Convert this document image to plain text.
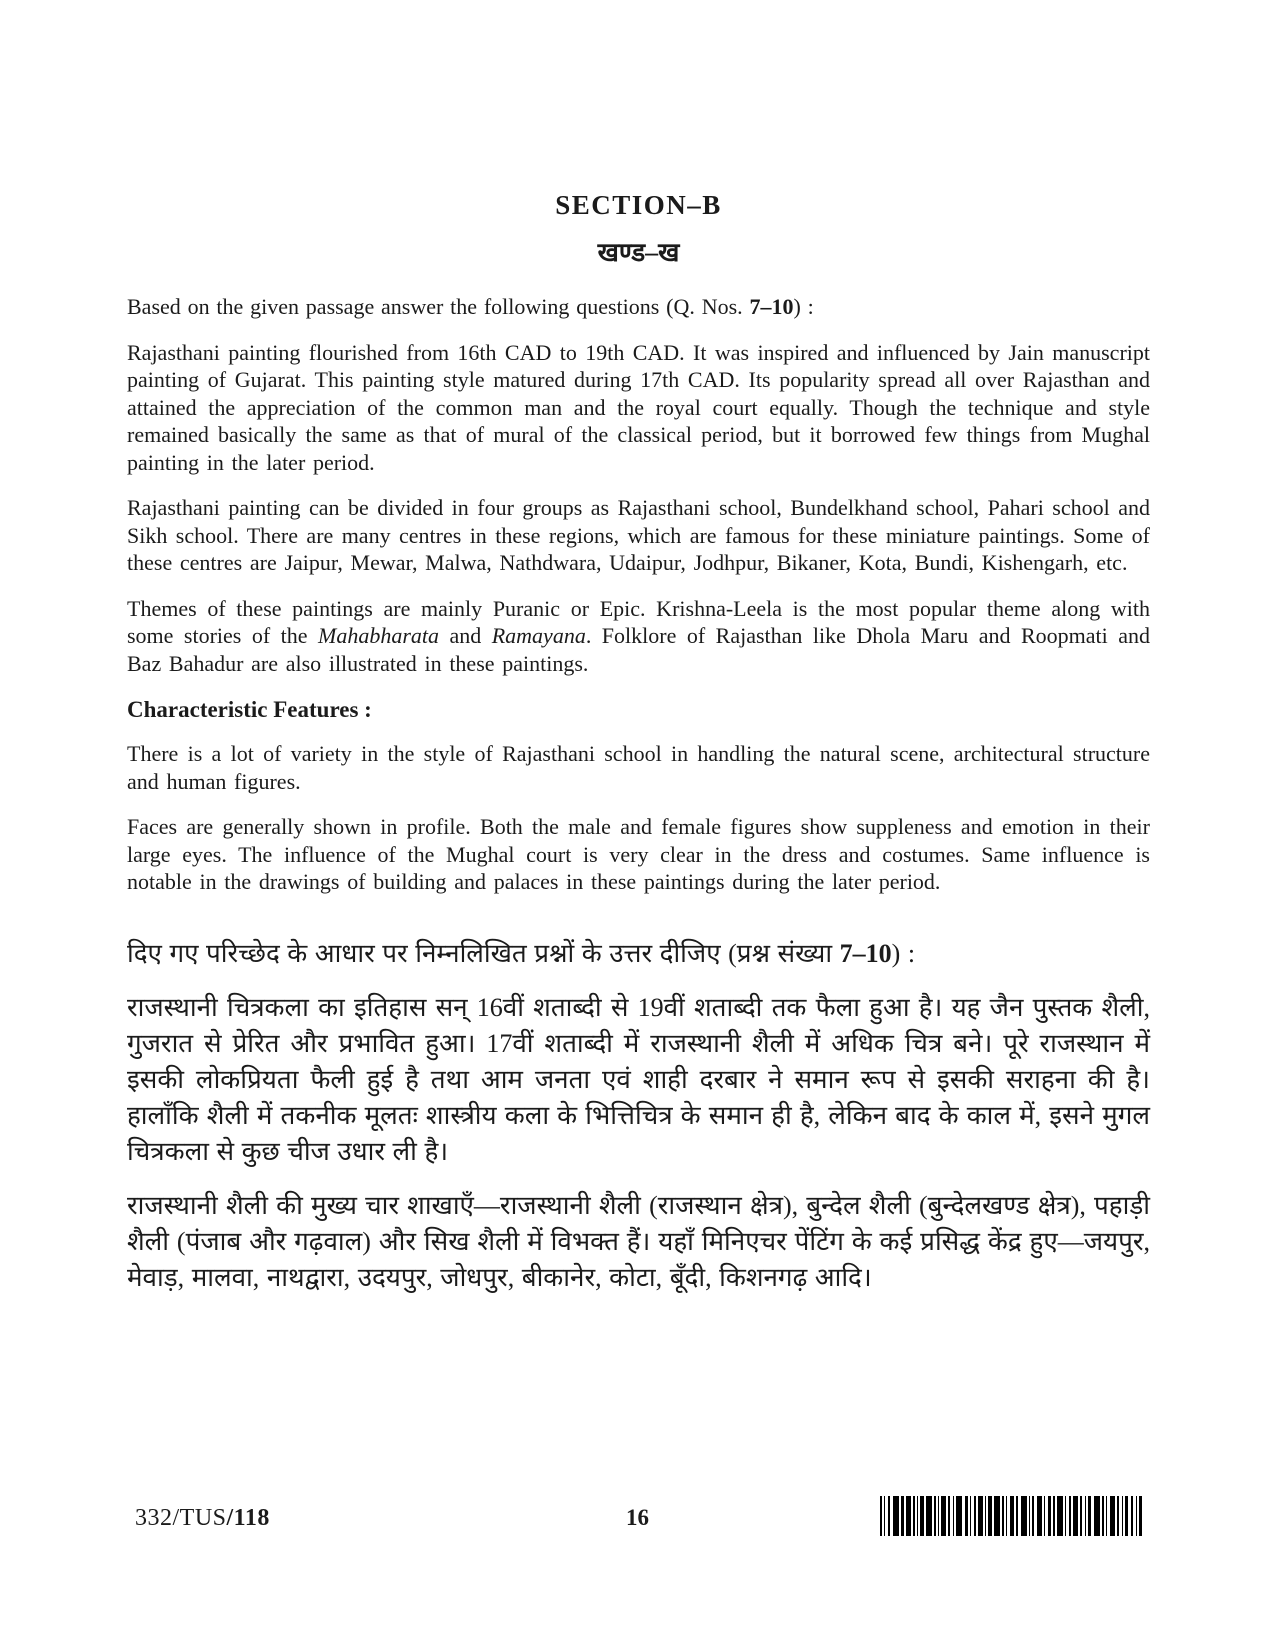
SECTION–B
खण्ड–ख

Based on the given passage answer the following questions (Q. Nos. 7–10) :

Rajasthani painting flourished from 16th CAD to 19th CAD. It was inspired and influenced by Jain manuscript painting of Gujarat. This painting style matured during 17th CAD. Its popularity spread all over Rajasthan and attained the appreciation of the common man and the royal court equally. Though the technique and style remained basically the same as that of mural of the classical period, but it borrowed few things from Mughal painting in the later period.

Rajasthani painting can be divided in four groups as Rajasthani school, Bundelkhand school, Pahari school and Sikh school. There are many centres in these regions, which are famous for these miniature paintings. Some of these centres are Jaipur, Mewar, Malwa, Nathdwara, Udaipur, Jodhpur, Bikaner, Kota, Bundi, Kishengarh, etc.

Themes of these paintings are mainly Puranic or Epic. Krishna-Leela is the most popular theme along with some stories of the Mahabharata and Ramayana. Folklore of Rajasthan like Dhola Maru and Roopmati and Baz Bahadur are also illustrated in these paintings.

Characteristic Features :

There is a lot of variety in the style of Rajasthani school in handling the natural scene, architectural structure and human figures.

Faces are generally shown in profile. Both the male and female figures show suppleness and emotion in their large eyes. The influence of the Mughal court is very clear in the dress and costumes. Same influence is notable in the drawings of building and palaces in these paintings during the later period.

दिए गए परिच्छेद के आधार पर निम्नलिखित प्रश्नों के उत्तर दीजिए (प्रश्न संख्या 7–10) :

राजस्थानी चित्रकला का इतिहास सन् 16वीं शताब्दी से 19वीं शताब्दी तक फैला हुआ है। यह जैन पुस्तक शैली, गुजरात से प्रेरित और प्रभावित हुआ। 17वीं शताब्दी में राजस्थानी शैली में अधिक चित्र बने। पूरे राजस्थान में इसकी लोकप्रियता फैली हुई है तथा आम जनता एवं शाही दरबार ने समान रूप से इसकी सराहना की है। हालाँकि शैली में तकनीक मूलतः शास्त्रीय कला के भित्तिचित्र के समान ही है, लेकिन बाद के काल में, इसने मुगल चित्रकला से कुछ चीज उधार ली है।

राजस्थानी शैली की मुख्य चार शाखाएँ—राजस्थानी शैली (राजस्थान क्षेत्र), बुन्देल शैली (बुन्देलखण्ड क्षेत्र), पहाड़ी शैली (पंजाब और गढ़वाल) और सिख शैली में विभक्त हैं। यहाँ मिनिएचर पेंटिंग के कई प्रसिद्ध केंद्र हुए—जयपुर, मेवाड़, मालवा, नाथद्वारा, उदयपुर, जोधपुर, बीकानेर, कोटा, बूँदी, किशनगढ़ आदि।

332/TUS/118	16
